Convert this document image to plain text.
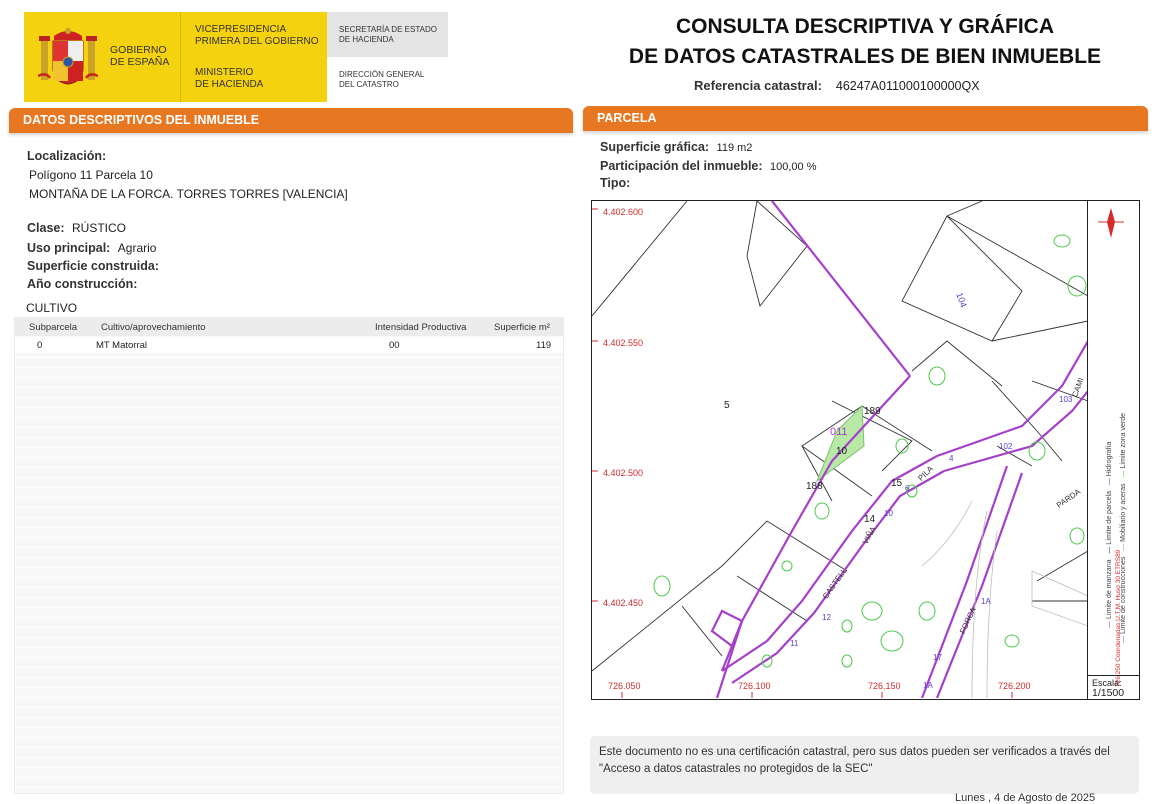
GOBIERNO
DE ESPAÑA
VICEPRESIDENCIA
PRIMERA DEL GOBIERNO
MINISTERIO
DE HACIENDA
SECRETARÍA DE ESTADO
DE HACIENDA
DIRECCIÓN GENERAL
DEL CATASTRO
CONSULTA DESCRIPTIVA Y GRÁFICA
DE DATOS CATASTRALES DE BIEN INMUEBLE
Referencia catastral: 46247A011000100000QX
DATOS DESCRIPTIVOS DEL INMUEBLE
Localización:
Polígono 11 Parcela 10
MONTAÑA DE LA FORCA. TORRES TORRES [VALENCIA]
Clase: RÚSTICO
Uso principal: Agrario
Superficie construida:
Año construcción:
CULTIVO
Subparcela	Cultivo/aprovechamiento	Intensidad Productiva	Superficie m²
0	MT Matorral	00	119
PARCELA
Superficie gráfica: 119 m2
Participación del inmueble: 100,00 %
Tipo:
4.402.600
4.402.550
4.402.500
4.402.450
726.050	726.100	726.150	726.200
5
189
10
188	15
14
011
104
VIÑA
PILA
CASTELL
FORCA
PARDA
CAMI
12
11
6
4
102
103
10
1A
17
1A
— Límite de manzana   — Límite de parcela   — Hidrografía
— Límite de construcciones   — Mobiliario y aceras   — Límite zona verde
726.250 Coordenadas U.T.M. Huso 30 ETRS89
Escala:
1/1500
Este documento no es una certificación catastral, pero sus datos pueden ser verificados a través del "Acceso a datos catastrales no protegidos de la SEC"
Lunes , 4 de Agosto de 2025
